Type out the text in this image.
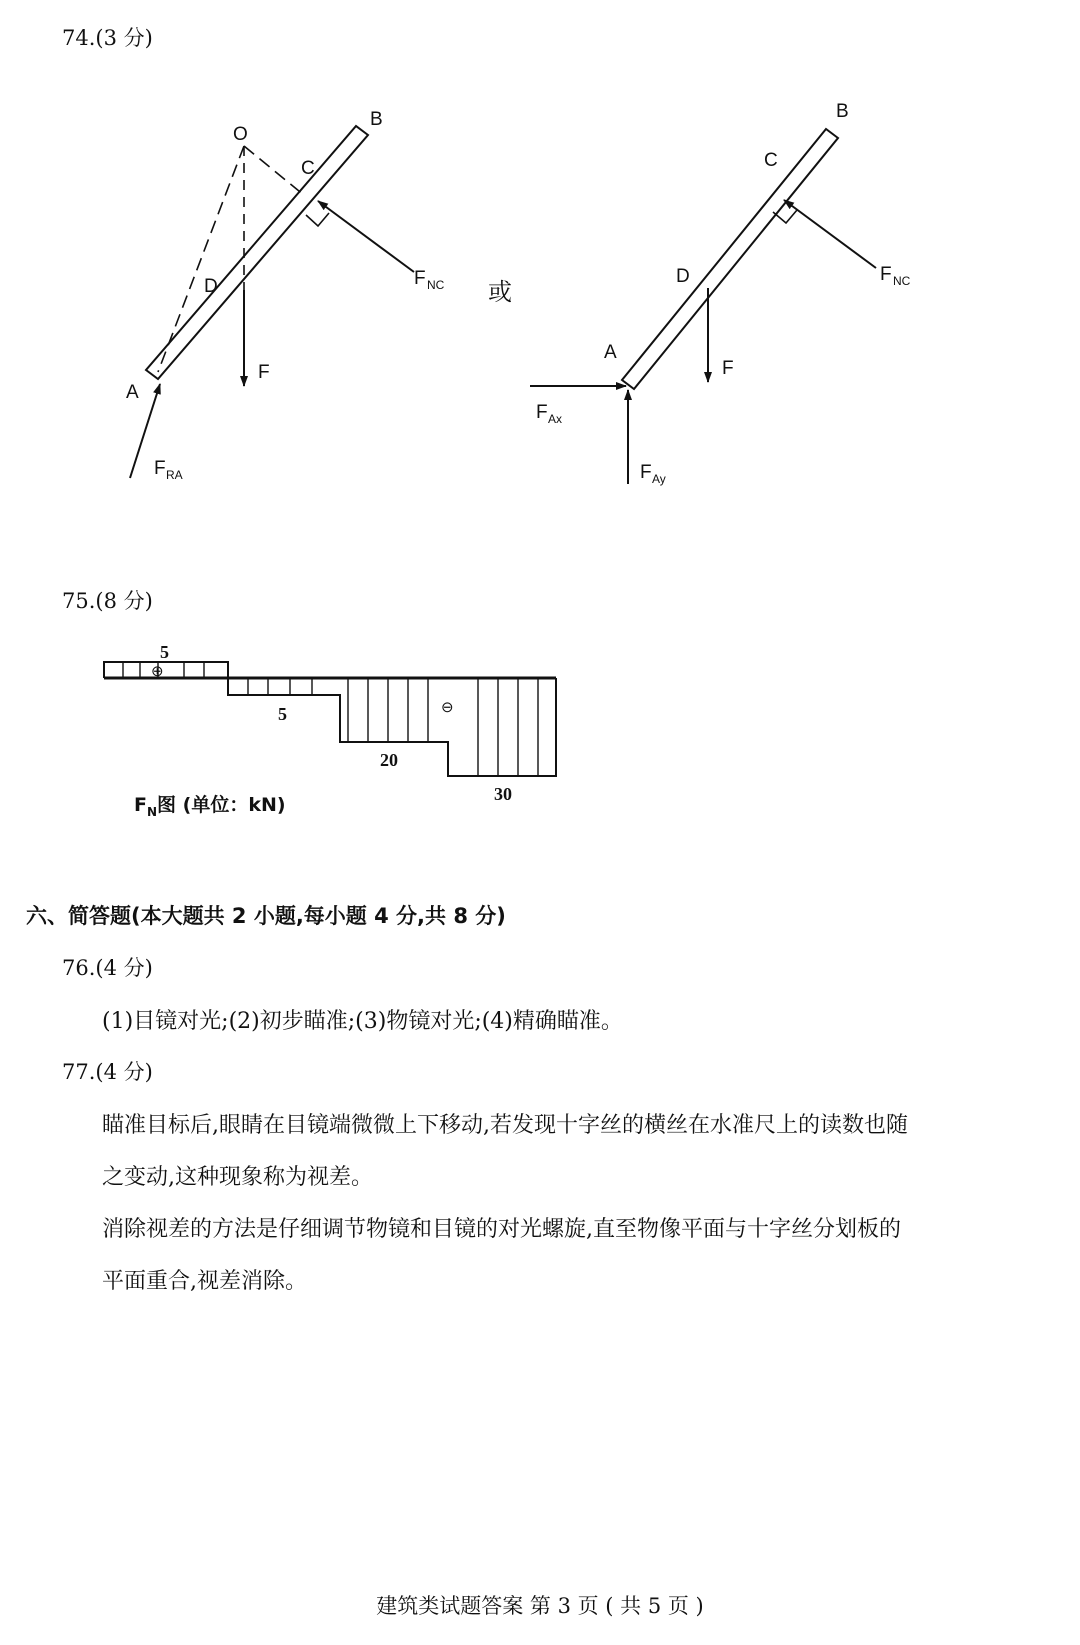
74.(3 分)
O
B
C
D
A
F
F NC
F RA
或
B
C
D
A
F
F NC
F Ax
F Ay
75.(8 分)
⊕
⊖
5
5
20
30
$F_N$图 (单位：kN)
六、简答题(本大题共 2 小题,每小题 4 分,共 8 分)
76.(4 分)
(1)目镜对光;(2)初步瞄准;(3)物镜对光;(4)精确瞄准。
77.(4 分)
瞄准目标后,眼睛在目镜端微微上下移动,若发现十字丝的横丝在水准尺上的读数也随
之变动,这种现象称为视差。
消除视差的方法是仔细调节物镜和目镜的对光螺旋,直至物像平面与十字丝分划板的
平面重合,视差消除。
建筑类试题答案 第 3 页 ( 共 5 页 )
